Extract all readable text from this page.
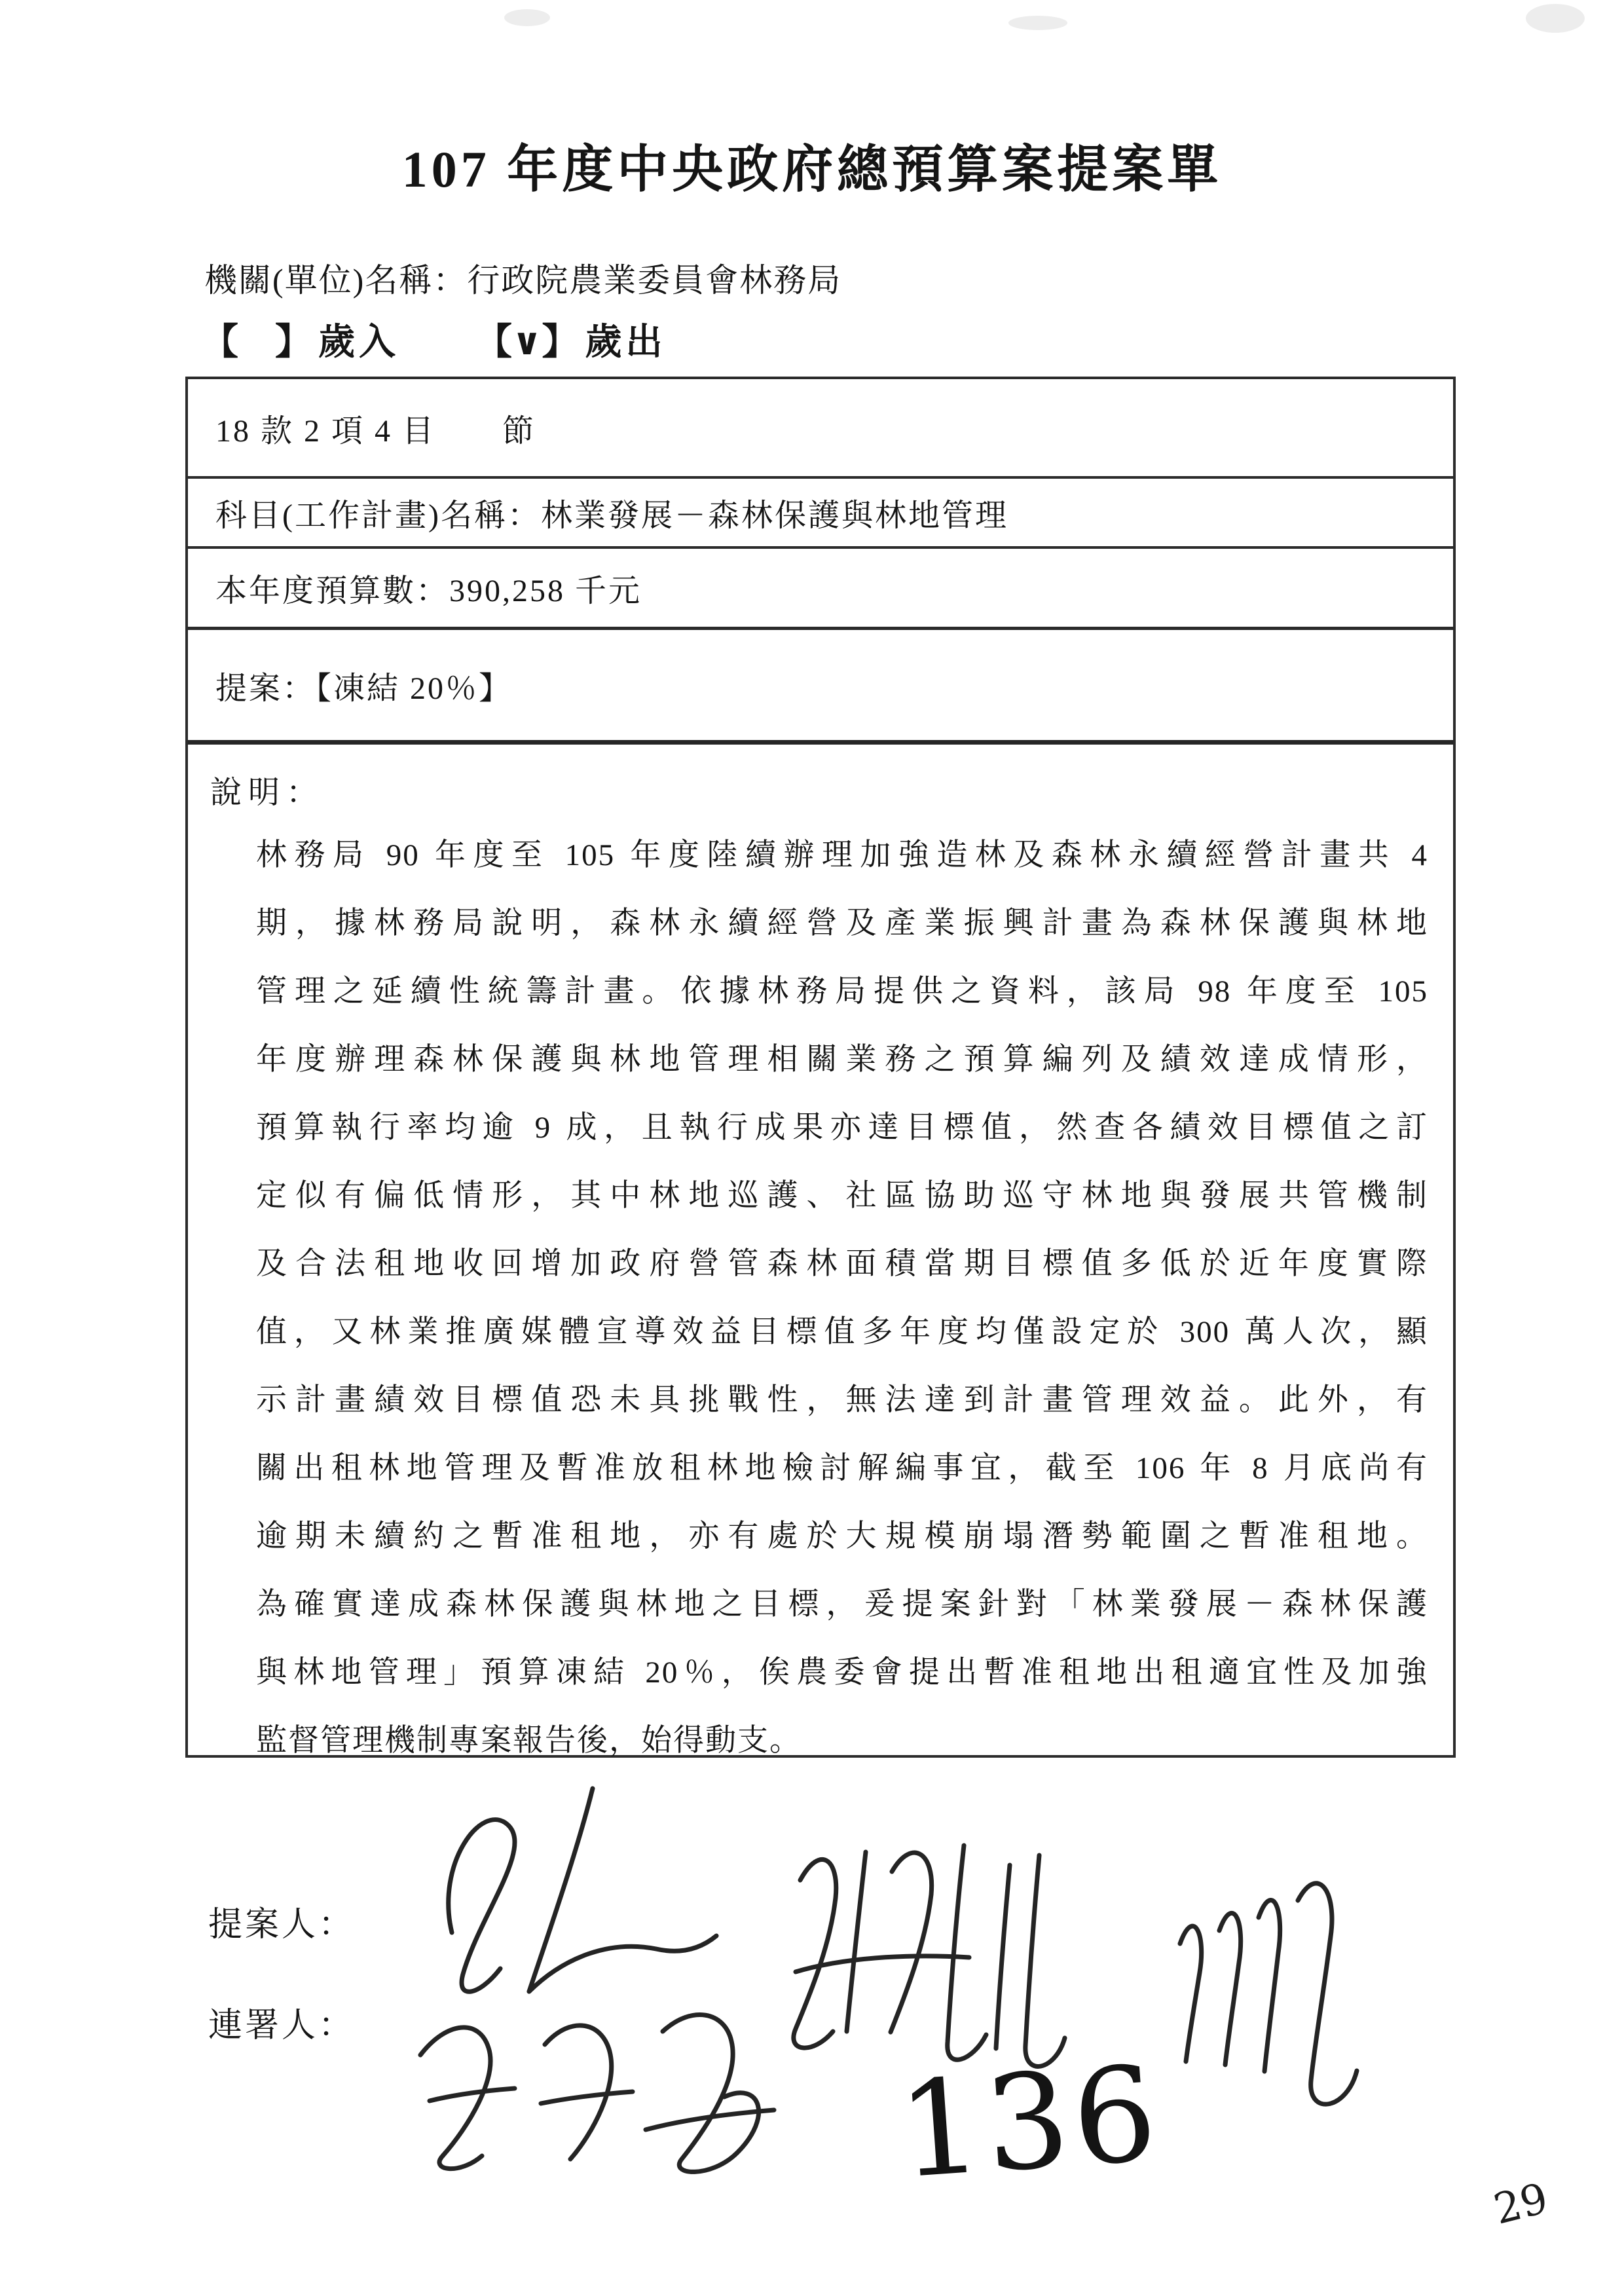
107 年度中央政府總預算案提案單
機關(單位)名稱：行政院農業委員會林務局
【　】 歲入 【∨】 歲出
18 款 2 項 4 目　　節
科目(工作計畫)名稱：林業發展－森林保護與林地管理
本年度預算數：390,258 千元
提案：【凍結 20％】
說明：
林務局 90 年度至 105 年度陸續辦理加強造林及森林永續經營計畫共 4
期，據林務局說明，森林永續經營及產業振興計畫為森林保護與林地
管理之延續性統籌計畫。依據林務局提供之資料，該局 98 年度至 105
年度辦理森林保護與林地管理相關業務之預算編列及績效達成情形，
預算執行率均逾 9 成，且執行成果亦達目標值，然查各績效目標值之訂
定似有偏低情形，其中林地巡護、社區協助巡守林地與發展共管機制
及合法租地收回增加政府營管森林面積當期目標值多低於近年度實際
值，又林業推廣媒體宣導效益目標值多年度均僅設定於 300 萬人次，顯
示計畫績效目標值恐未具挑戰性，無法達到計畫管理效益。此外，有
關出租林地管理及暫准放租林地檢討解編事宜，截至 106 年 8 月底尚有
逾期未續約之暫准租地，亦有處於大規模崩塌潛勢範圍之暫准租地。
為確實達成森林保護與林地之目標，爰提案針對「林業發展－森林保護
與林地管理」預算凍結 20％，俟農委會提出暫准租地出租適宜性及加強
監督管理機制專案報告後，始得動支。
提案人：
連署人：
136	29
